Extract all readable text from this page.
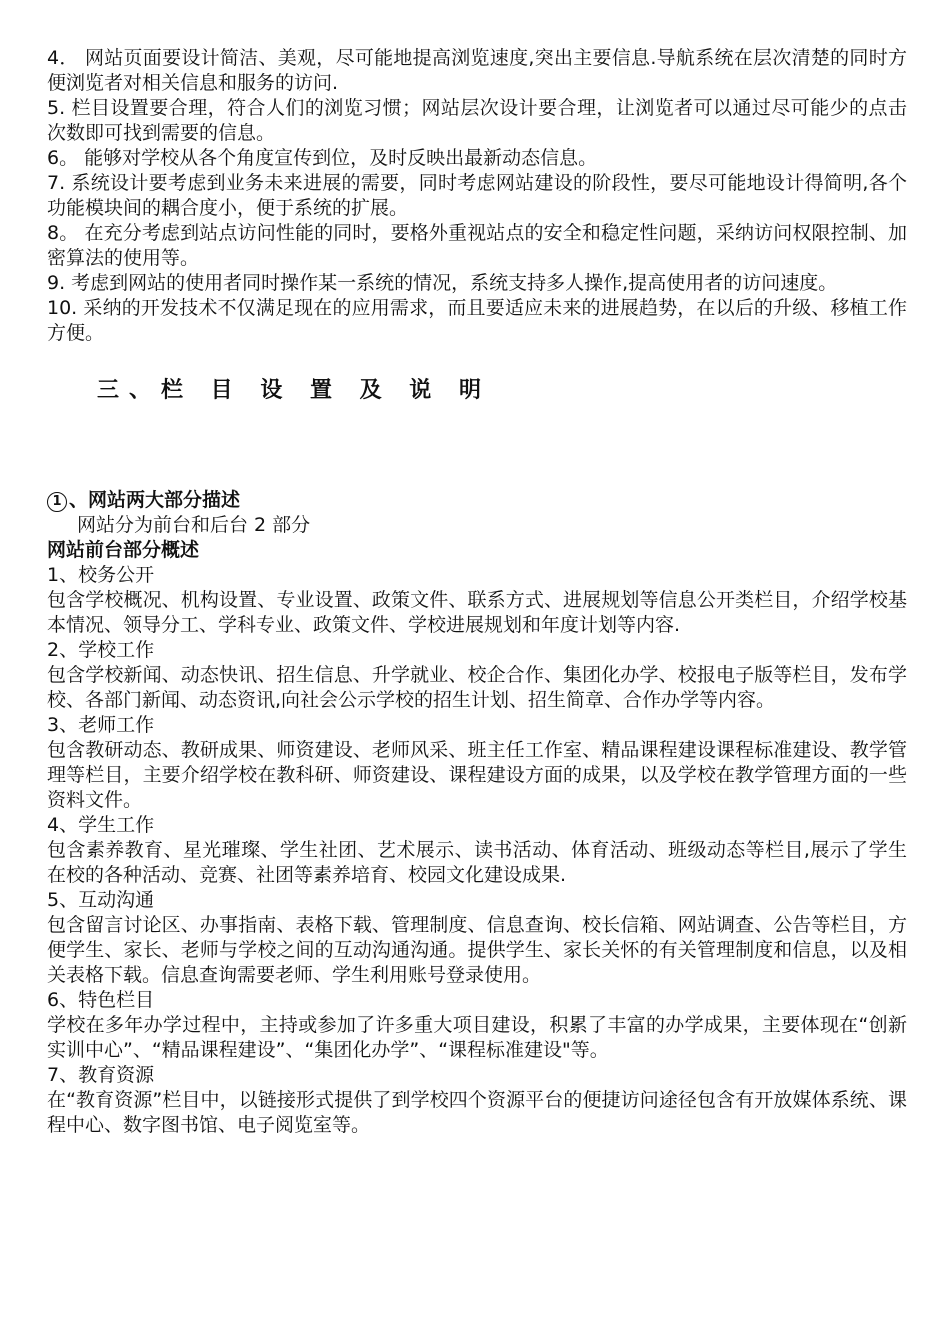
4． 网站页面要设计简洁、美观，尽可能地提高浏览速度,突出主要信息.导航系统在层次清楚的同时方便浏览者对相关信息和服务的访问.

5. 栏目设置要合理，符合人们的浏览习惯；网站层次设计要合理，让浏览者可以通过尽可能少的点击次数即可找到需要的信息。

6。 能够对学校从各个角度宣传到位，及时反映出最新动态信息。

7. 系统设计要考虑到业务未来进展的需要，同时考虑网站建设的阶段性，要尽可能地设计得简明,各个功能模块间的耦合度小，便于系统的扩展。

8。 在充分考虑到站点访问性能的同时，要格外重视站点的安全和稳定性问题，采纳访问权限控制、加密算法的使用等。

9. 考虑到网站的使用者同时操作某一系统的情况，系统支持多人操作,提高使用者的访问速度。

10. 采纳的开发技术不仅满足现在的应用需求，而且要适应未来的进展趋势，在以后的升级、移植工作方便。

三、栏 目 设 置 及 说 明

1 、网站两大部分描述

网站分为前台和后台 2 部分

网站前台部分概述

1、校务公开

包含学校概况、机构设置、专业设置、政策文件、联系方式、进展规划等信息公开类栏目，介绍学校基本情况、领导分工、学科专业、政策文件、学校进展规划和年度计划等内容.

2、学校工作

包含学校新闻、动态快讯、招生信息、升学就业、校企合作、集团化办学、校报电子版等栏目，发布学校、各部门新闻、动态资讯,向社会公示学校的招生计划、招生简章、合作办学等内容。

3、老师工作

包含教研动态、教研成果、师资建设、老师风采、班主任工作室、精品课程建设课程标准建设、教学管理等栏目，主要介绍学校在教科研、师资建设、课程建设方面的成果，以及学校在教学管理方面的一些资料文件。

4、学生工作

包含素养教育、星光璀璨、学生社团、艺术展示、读书活动、体育活动、班级动态等栏目,展示了学生在校的各种活动、竞赛、社团等素养培育、校园文化建设成果.

5、互动沟通

包含留言讨论区、办事指南、表格下载、管理制度、信息查询、校长信箱、网站调查、公告等栏目，方便学生、家长、老师与学校之间的互动沟通沟通。提供学生、家长关怀的有关管理制度和信息，以及相关表格下载。信息查询需要老师、学生利用账号登录使用。

6、特色栏目

学校在多年办学过程中，主持或参加了许多重大项目建设，积累了丰富的办学成果，主要体现在“创新实训中心”、“精品课程建设”、“集团化办学”、“课程标准建设"等。

7、教育资源

在“教育资源”栏目中，以链接形式提供了到学校四个资源平台的便捷访问途径包含有开放媒体系统、课程中心、数字图书馆、电子阅览室等。
